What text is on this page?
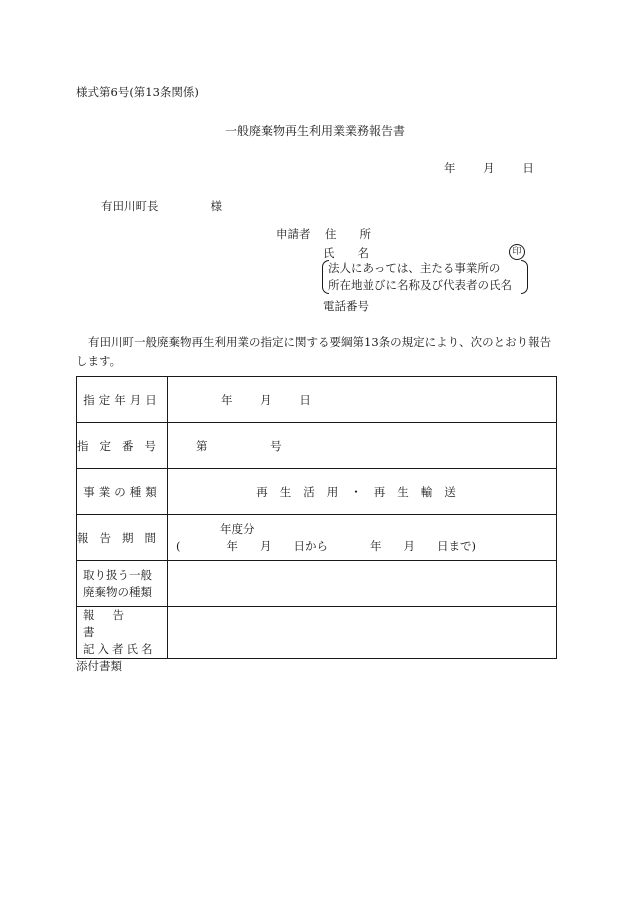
様式第6号(第13条関係)
一般廃棄物再生利用業業務報告書
年 月 日
有田川町長	様
申請者 住　　所
氏　　名	印
法人にあっては、主たる事業所の
所在地並びに名称及び代表者の氏名
電話番号
有田川町一般廃棄物再生利用業の指定に関する要綱第13条の規定により、次のとおり報告します。
指定年月日	年 月 日

指定番号	第 号

事業の種類	再生活用・再生輸送
報告期間	年度分
( 年 月 日から 年 月 日まで)

取り扱う一般
廃棄物の種類	

報告書
記入者氏名	

添付書類
